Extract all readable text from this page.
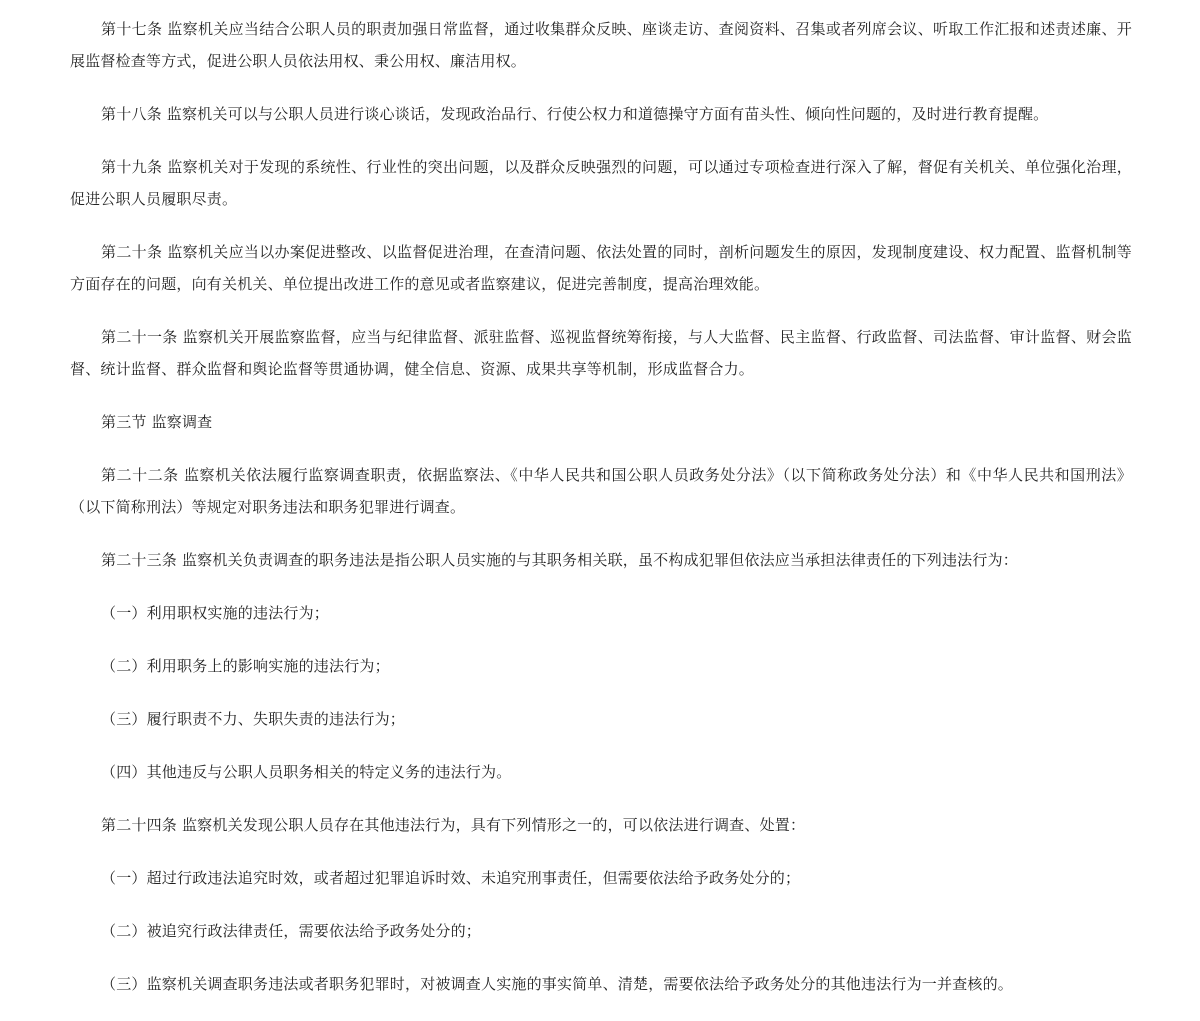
第十七条 监察机关应当结合公职人员的职责加强日常监督，通过收集群众反映、座谈走访、查阅资料、召集或者列席会议、听取工作汇报和述责述廉、开展监督检查等方式，促进公职人员依法用权、秉公用权、廉洁用权。

第十八条 监察机关可以与公职人员进行谈心谈话，发现政治品行、行使公权力和道德操守方面有苗头性、倾向性问题的，及时进行教育提醒。

第十九条 监察机关对于发现的系统性、行业性的突出问题，以及群众反映强烈的问题，可以通过专项检查进行深入了解，督促有关机关、单位强化治理，促进公职人员履职尽责。

第二十条 监察机关应当以办案促进整改、以监督促进治理，在查清问题、依法处置的同时，剖析问题发生的原因，发现制度建设、权力配置、监督机制等方面存在的问题，向有关机关、单位提出改进工作的意见或者监察建议，促进完善制度，提高治理效能。

第二十一条 监察机关开展监察监督，应当与纪律监督、派驻监督、巡视监督统筹衔接，与人大监督、民主监督、行政监督、司法监督、审计监督、财会监督、统计监督、群众监督和舆论监督等贯通协调，健全信息、资源、成果共享等机制，形成监督合力。

第三节 监察调查

第二十二条 监察机关依法履行监察调查职责，依据监察法、《中华人民共和国公职人员政务处分法》（以下简称政务处分法）和《中华人民共和国刑法》（以下简称刑法）等规定对职务违法和职务犯罪进行调查。

第二十三条 监察机关负责调查的职务违法是指公职人员实施的与其职务相关联，虽不构成犯罪但依法应当承担法律责任的下列违法行为：

（一）利用职权实施的违法行为；

（二）利用职务上的影响实施的违法行为；

（三）履行职责不力、失职失责的违法行为；

（四）其他违反与公职人员职务相关的特定义务的违法行为。

第二十四条 监察机关发现公职人员存在其他违法行为，具有下列情形之一的，可以依法进行调查、处置：

（一）超过行政违法追究时效，或者超过犯罪追诉时效、未追究刑事责任，但需要依法给予政务处分的；

（二）被追究行政法律责任，需要依法给予政务处分的；

（三）监察机关调查职务违法或者职务犯罪时，对被调查人实施的事实简单、清楚，需要依法给予政务处分的其他违法行为一并查核的。
